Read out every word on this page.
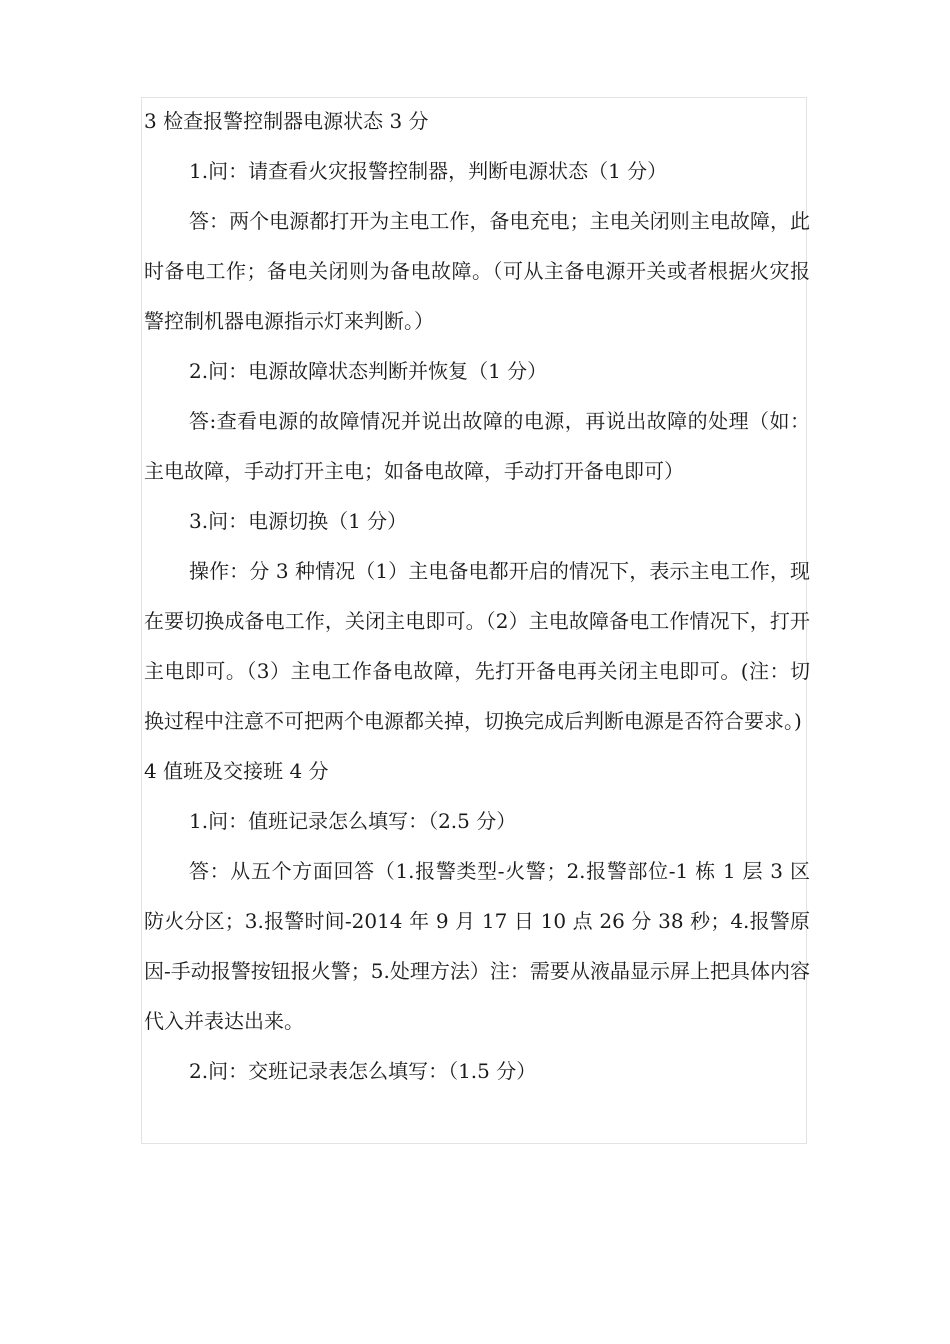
3 检查报警控制器电源状态 3 分

1.问：请查看火灾报警控制器，判断电源状态（1 分）

答：两个电源都打开为主电工作，备电充电；主电关闭则主电故障，此时备电工作；备电关闭则为备电故障。（可从主备电源开关或者根据火灾报警控制机器电源指示灯来判断。）

2.问：电源故障状态判断并恢复（1 分）

答:查看电源的故障情况并说出故障的电源，再说出故障的处理（如：主电故障，手动打开主电；如备电故障，手动打开备电即可）

3.问：电源切换（1 分）

操作：分 3 种情况（1）主电备电都开启的情况下，表示主电工作，现在要切换成备电工作，关闭主电即可。（2）主电故障备电工作情况下，打开主电即可。（3）主电工作备电故障，先打开备电再关闭主电即可。(注：切换过程中注意不可把两个电源都关掉，切换完成后判断电源是否符合要求。)

4 值班及交接班 4 分

1.问：值班记录怎么填写：（2.5 分）

答：从五个方面回答（1.报警类型-火警；2.报警部位-1 栋 1 层 3 区防火分区；3.报警时间-2014 年 9 月 17 日 10 点 26 分 38 秒；4.报警原因-手动报警按钮报火警；5.处理方法）注：需要从液晶显示屏上把具体内容代入并表达出来。

2.问：交班记录表怎么填写：（1.5 分）
